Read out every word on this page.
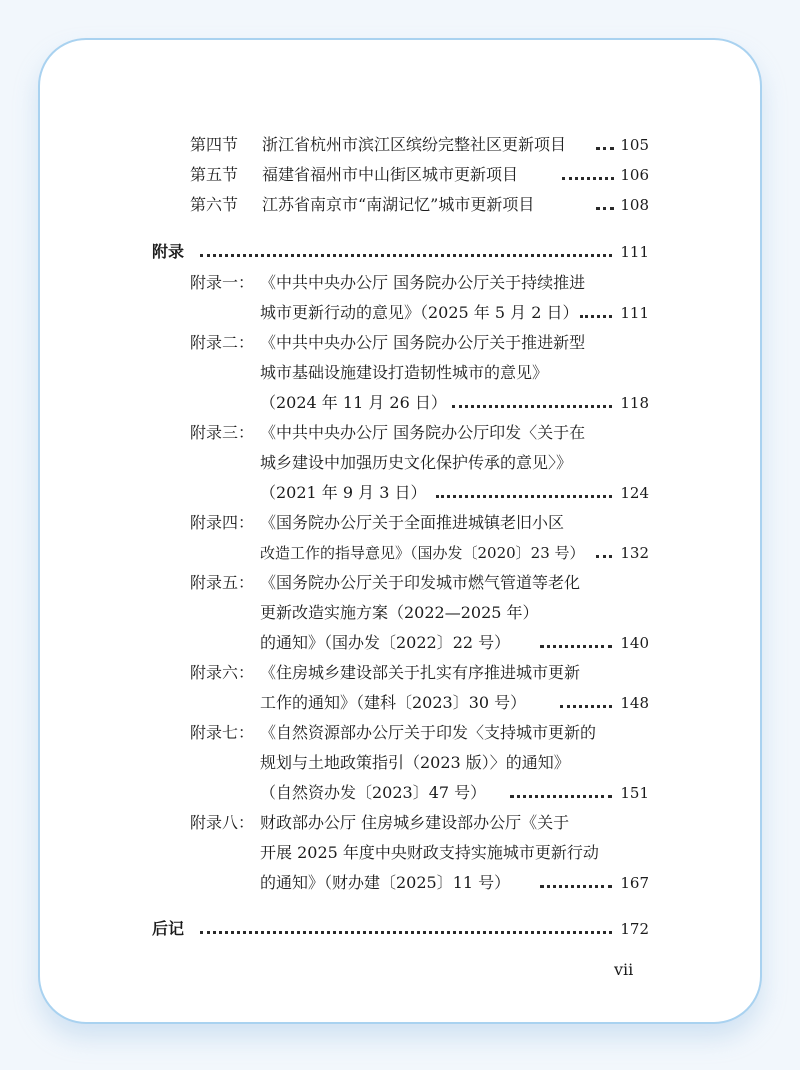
第四节 浙江省杭州市滨江区缤纷完整社区更新项目	105
第五节 福建省福州市中山街区城市更新项目	106
第六节 江苏省南京市“南湖记忆”城市更新项目	108
附录	111
附录一： 《中共中央办公厅 国务院办公厅关于持续推进
城市更新行动的意见》（2025 年 5 月 2 日）	111
附录二： 《中共中央办公厅 国务院办公厅关于推进新型
城市基础设施建设打造韧性城市的意见》
（2024 年 11 月 26 日）	118
附录三： 《中共中央办公厅 国务院办公厅印发〈关于在
城乡建设中加强历史文化保护传承的意见〉》
（2021 年 9 月 3 日）	124
附录四： 《国务院办公厅关于全面推进城镇老旧小区
改造工作的指导意见》（国办发〔2020〕23 号）	132
附录五： 《国务院办公厅关于印发城市燃气管道等老化
更新改造实施方案（2022—2025 年）
的通知》（国办发〔2022〕22 号）	140
附录六： 《住房城乡建设部关于扎实有序推进城市更新
工作的通知》（建科〔2023〕30 号）	148
附录七： 《自然资源部办公厅关于印发〈支持城市更新的
规划与土地政策指引（2023 版）〉的通知》
（自然资办发〔2023〕47 号）	151
附录八： 财政部办公厅 住房城乡建设部办公厅《关于
开展 2025 年度中央财政支持实施城市更新行动
的通知》（财办建〔2025〕11 号）	167
后记	172
vii
